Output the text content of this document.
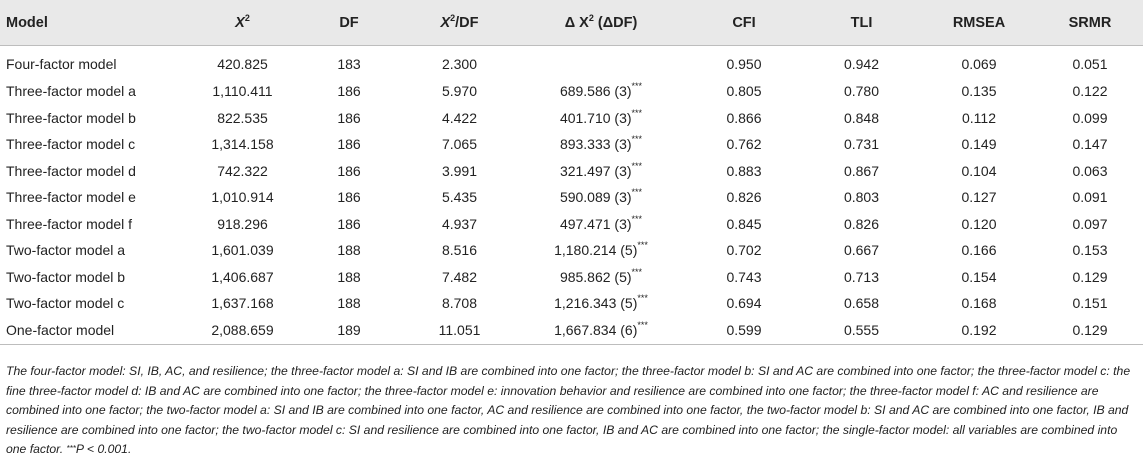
Model	$X^2$	DF	$X^2/DF$	Δ $X^2$ (ΔDF)	CFI	TLI	RMSEA	SRMR
Four-factor model	420.825	183	2.300		0.950	0.942	0.069	0.051
Three-factor model a	1,110.411	186	5.970	689.586 (3)***	0.805	0.780	0.135	0.122
Three-factor model b	822.535	186	4.422	401.710 (3)***	0.866	0.848	0.112	0.099
Three-factor model c	1,314.158	186	7.065	893.333 (3)***	0.762	0.731	0.149	0.147
Three-factor model d	742.322	186	3.991	321.497 (3)***	0.883	0.867	0.104	0.063
Three-factor model e	1,010.914	186	5.435	590.089 (3)***	0.826	0.803	0.127	0.091
Three-factor model f	918.296	186	4.937	497.471 (3)***	0.845	0.826	0.120	0.097
Two-factor model a	1,601.039	188	8.516	1,180.214 (5)***	0.702	0.667	0.166	0.153
Two-factor model b	1,406.687	188	7.482	985.862 (5)***	0.743	0.713	0.154	0.129
Two-factor model c	1,637.168	188	8.708	1,216.343 (5)***	0.694	0.658	0.168	0.151
One-factor model	2,088.659	189	11.051	1,667.834 (6)***	0.599	0.555	0.192	0.129
The four-factor model: SI, IB, AC, and resilience; the three-factor model a: SI and IB are combined into one factor; the three-factor model b: SI and AC are combined into one factor; the three-factor model c: the fine three-factor model d: IB and AC are combined into one factor; the three-factor model e: innovation behavior and resilience are combined into one factor; the three-factor model f: AC and resilience are combined into one factor; the two-factor model a: SI and IB are combined into one factor, AC and resilience are combined into one factor, the two-factor model b: SI and AC are combined into one factor, IB and resilience are combined into one factor; the two-factor model c: SI and resilience are combined into one factor, IB and AC are combined into one factor; the single-factor model: all variables are combined into one factor. ***P < 0.001.
